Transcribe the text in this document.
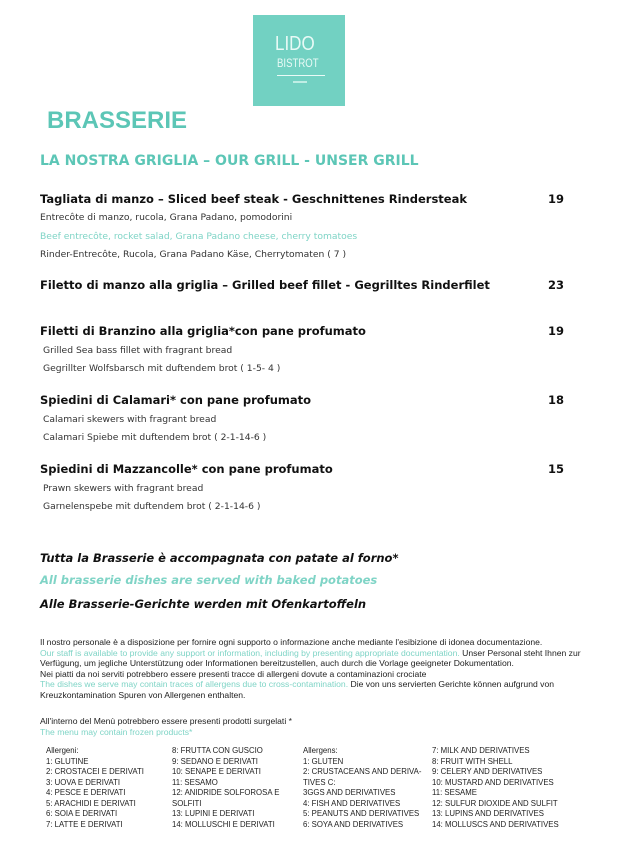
LIDO
BISTROT
BRASSERIE
LA NOSTRA GRIGLIA – OUR GRILL - UNSER GRILL
Tagliata di manzo – Sliced beef steak - Geschnittenes Rindersteak	19
Entrecôte di manzo, rucola, Grana Padano, pomodorini
Beef entrecôte, rocket salad, Grana Padano cheese, cherry tomatoes
Rinder-Entrecôte, Rucola, Grana Padano Käse, Cherrytomaten ( 7 )
Filetto di manzo alla griglia – Grilled beef fillet - Gegrilltes Rinderfilet	23
Filetti di Branzino alla griglia*con pane profumato	19
Grilled Sea bass fillet with fragrant bread
Gegrillter Wolfsbarsch mit duftendem brot ( 1-5- 4 )
Spiedini di Calamari* con pane profumato	18
Calamari skewers with fragrant bread
Calamari Spiebe mit duftendem brot ( 2-1-14-6 )
Spiedini di Mazzancolle* con pane profumato	15
Prawn skewers with fragrant bread
Garnelenspebe mit duftendem brot ( 2-1-14-6 )
Tutta la Brasserie è accompagnata con patate al forno*
All brasserie dishes are served with baked potatoes
Alle Brasserie-Gerichte werden mit Ofenkartoffeln
Il nostro personale è a disposizione per fornire ogni supporto o informazione anche mediante l'esibizione di idonea documentazione.
Our staff is available to provide any support or information, including by presenting appropriate documentation. Unser Personal steht Ihnen zur Verfügung, um jegliche Unterstützung oder Informationen bereitzustellen, auch durch die Vorlage geeigneter Dokumentation.
Nei piatti da noi serviti potrebbero essere presenti tracce di allergeni dovute a contaminazioni crociate
The dishes we serve may contain traces of allergens due to cross-contamination. Die von uns servierten Gerichte können aufgrund von Kreuzkontamination Spuren von Allergenen enthalten.
All'interno del Menù potrebbero essere presenti prodotti surgelati *
The menu may contain frozen products*
Allergeni:
1: GLUTINE
2: CROSTACEI E DERIVATI
3: UOVA E DERIVATI
4: PESCE E DERIVATI
5: ARACHIDI E DERIVATI
6: SOIA E DERIVATI
7: LATTE E DERIVATI
8: FRUTTA CON GUSCIO
9: SEDANO E DERIVATI
10: SENAPE E DERIVATI
11: SESAMO
12: ANIDRIDE SOLFOROSA E
SOLFITI
13: LUPINI E DERIVATI
14: MOLLUSCHI E DERIVATI
Allergens:
1: GLUTEN
2: CRUSTACEANS AND DERIVA-
TIVES C:
3GGS AND DERIVATIVES
4: FISH AND DERIVATIVES
5: PEANUTS AND DERIVATIVES
6: SOYA AND DERIVATIVES
7: MILK AND DERIVATIVES
8: FRUIT WITH SHELL
9: CELERY AND DERIVATIVES
10: MUSTARD AND DERIVATIVES
11: SESAME
12: SULFUR DIOXIDE AND SULFIT
13: LUPINS AND DERIVATIVES
14: MOLLUSCS AND DERIVATIVES
